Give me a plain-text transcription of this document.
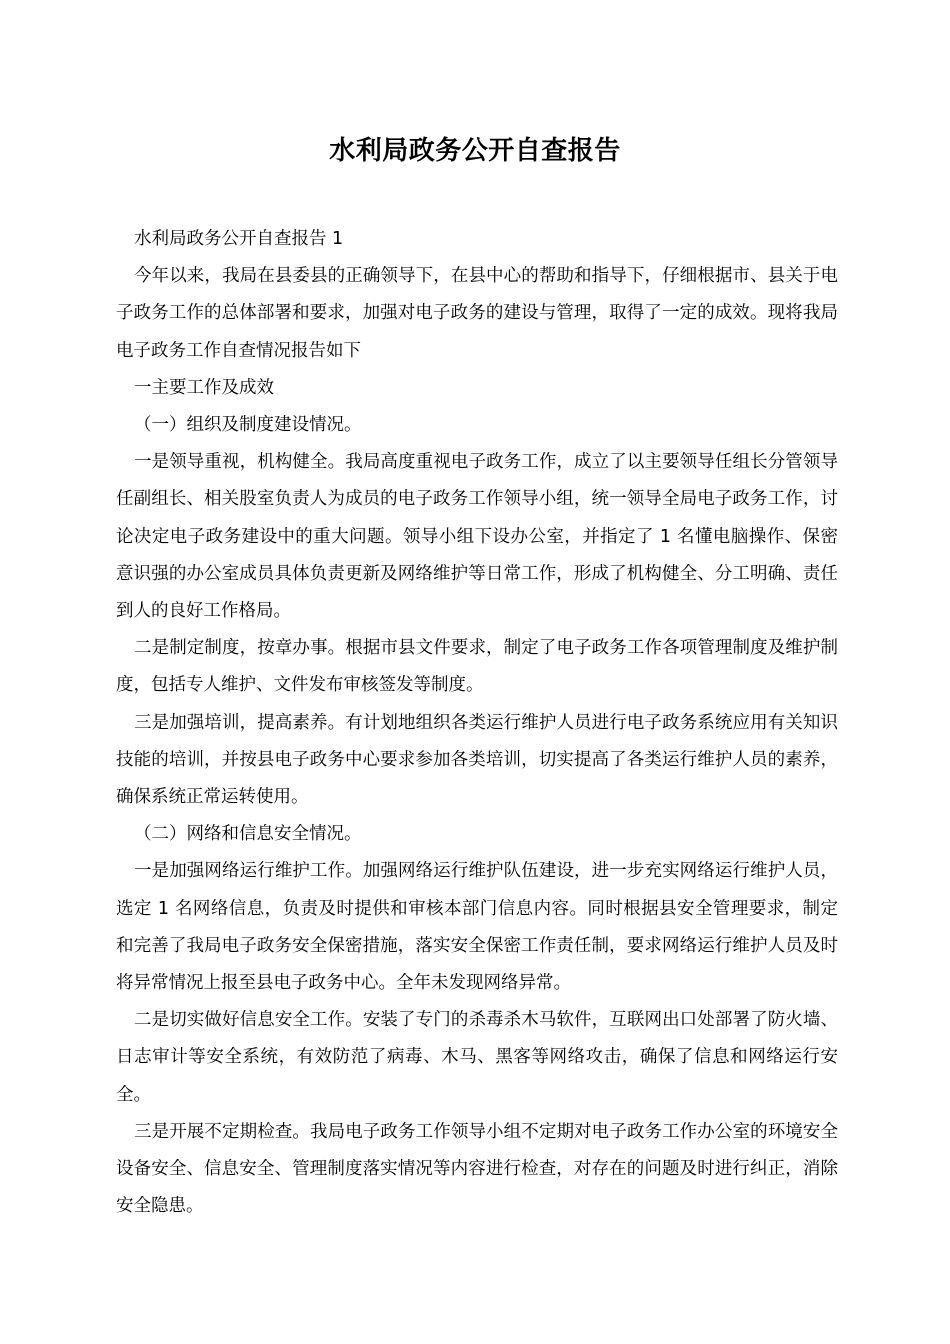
水利局政务公开自查报告

水利局政务公开自查报告 1

今年以来，我局在县委县的正确领导下，在县中心的帮助和指导下，仔细根据市、县关于电子政务工作的总体部署和要求，加强对电子政务的建设与管理，取得了一定的成效。现将我局电子政务工作自查情况报告如下

一主要工作及成效

（一）组织及制度建设情况。

一是领导重视，机构健全。我局高度重视电子政务工作，成立了以主要领导任组长分管领导任副组长、相关股室负责人为成员的电子政务工作领导小组，统一领导全局电子政务工作，讨论决定电子政务建设中的重大问题。领导小组下设办公室，并指定了 1 名懂电脑操作、保密意识强的办公室成员具体负责更新及网络维护等日常工作，形成了机构健全、分工明确、责任到人的良好工作格局。

二是制定制度，按章办事。根据市县文件要求，制定了电子政务工作各项管理制度及维护制度，包括专人维护、文件发布审核签发等制度。

三是加强培训，提高素养。有计划地组织各类运行维护人员进行电子政务系统应用有关知识技能的培训，并按县电子政务中心要求参加各类培训，切实提高了各类运行维护人员的素养，确保系统正常运转使用。

（二）网络和信息安全情况。

一是加强网络运行维护工作。加强网络运行维护队伍建设，进一步充实网络运行维护人员，选定 1 名网络信息，负责及时提供和审核本部门信息内容。同时根据县安全管理要求，制定和完善了我局电子政务安全保密措施，落实安全保密工作责任制，要求网络运行维护人员及时将异常情况上报至县电子政务中心。全年未发现网络异常。

二是切实做好信息安全工作。安装了专门的杀毒杀木马软件，互联网出口处部署了防火墙、日志审计等安全系统，有效防范了病毒、木马、黑客等网络攻击，确保了信息和网络运行安全。

三是开展不定期检查。我局电子政务工作领导小组不定期对电子政务工作办公室的环境安全设备安全、信息安全、管理制度落实情况等内容进行检查，对存在的问题及时进行纠正，消除安全隐患。
